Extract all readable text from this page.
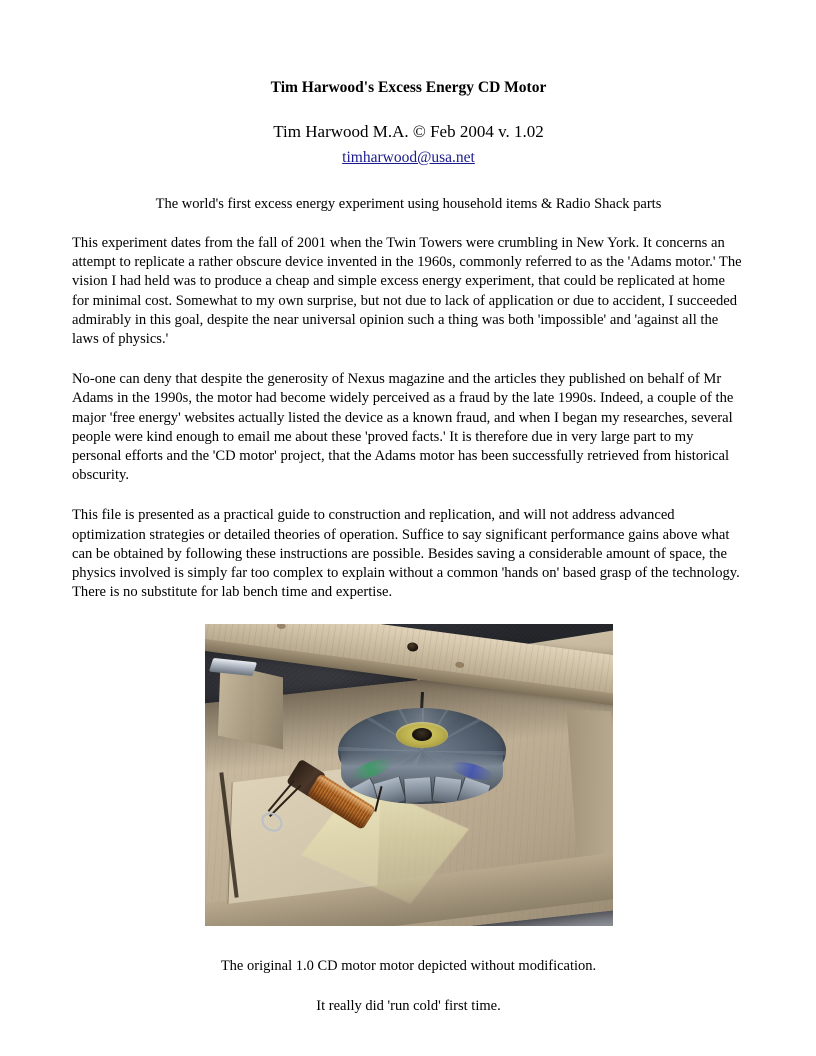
Tim Harwood's Excess Energy CD Motor

Tim Harwood M.A. © Feb 2004 v. 1.02

timharwood@usa.net

The world's first excess energy experiment using household items & Radio Shack parts

This experiment dates from the fall of 2001 when the Twin Towers were crumbling in New York. It concerns an attempt to replicate a rather obscure device invented in the 1960s, commonly referred to as the 'Adams motor.' The vision I had held was to produce a cheap and simple excess energy experiment, that could be replicated at home for minimal cost. Somewhat to my own surprise, but not due to lack of application or due to accident, I succeeded admirably in this goal, despite the near universal opinion such a thing was both 'impossible' and 'against all the laws of physics.'

No-one can deny that despite the generosity of Nexus magazine and the articles they published on behalf of Mr Adams in the 1990s, the motor had become widely perceived as a fraud by the late 1990s. Indeed, a couple of the major 'free energy' websites actually listed the device as a known fraud, and when I began my researches, several people were kind enough to email me about these 'proved facts.' It is therefore due in very large part to my personal efforts and the 'CD motor' project, that the Adams motor has been successfully retrieved from historical obscurity.

This file is presented as a practical guide to construction and replication, and will not address advanced optimization strategies or detailed theories of operation. Suffice to say significant performance gains above what can be obtained by following these instructions are possible. Besides saving a considerable amount of space, the physics involved is simply far too complex to explain without a common 'hands on' based grasp of the technology. There is no substitute for lab bench time and expertise.

The original 1.0 CD motor motor depicted without modification.

It really did 'run cold' first time.
